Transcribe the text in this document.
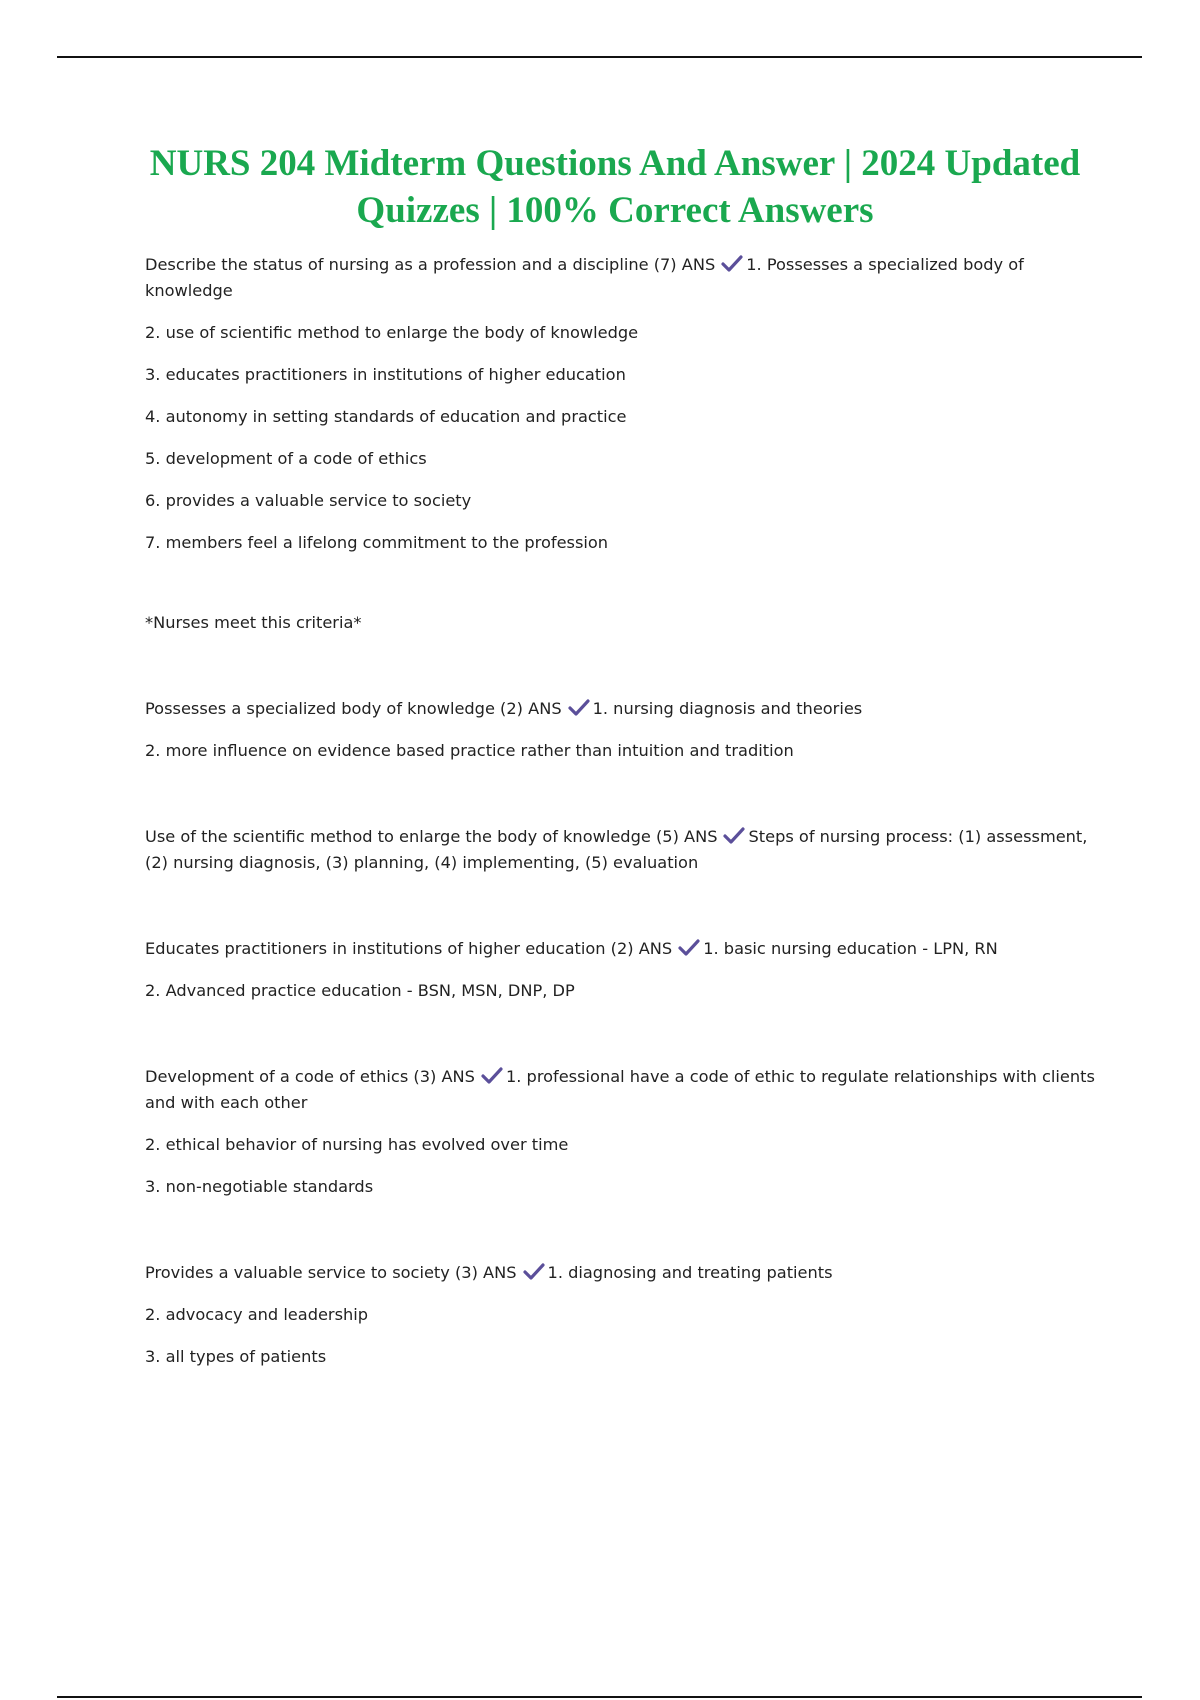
NURS 204 Midterm Questions And Answer | 2024 Updated Quizzes | 100% Correct Answers

Describe the status of nursing as a profession and a discipline (7) ANS 1. Possesses a specialized body of knowledge

2. use of scientific method to enlarge the body of knowledge

3. educates practitioners in institutions of higher education

4. autonomy in setting standards of education and practice

5. development of a code of ethics

6. provides a valuable service to society

7. members feel a lifelong commitment to the profession

*Nurses meet this criteria*

Possesses a specialized body of knowledge (2) ANS 1. nursing diagnosis and theories

2. more influence on evidence based practice rather than intuition and tradition

Use of the scientific method to enlarge the body of knowledge (5) ANS Steps of nursing process: (1) assessment, (2) nursing diagnosis, (3) planning, (4) implementing, (5) evaluation

Educates practitioners in institutions of higher education (2) ANS 1. basic nursing education - LPN, RN

2. Advanced practice education - BSN, MSN, DNP, DP

Development of a code of ethics (3) ANS 1. professional have a code of ethic to regulate relationships with clients and with each other

2. ethical behavior of nursing has evolved over time

3. non-negotiable standards

Provides a valuable service to society (3) ANS 1. diagnosing and treating patients

2. advocacy and leadership

3. all types of patients
